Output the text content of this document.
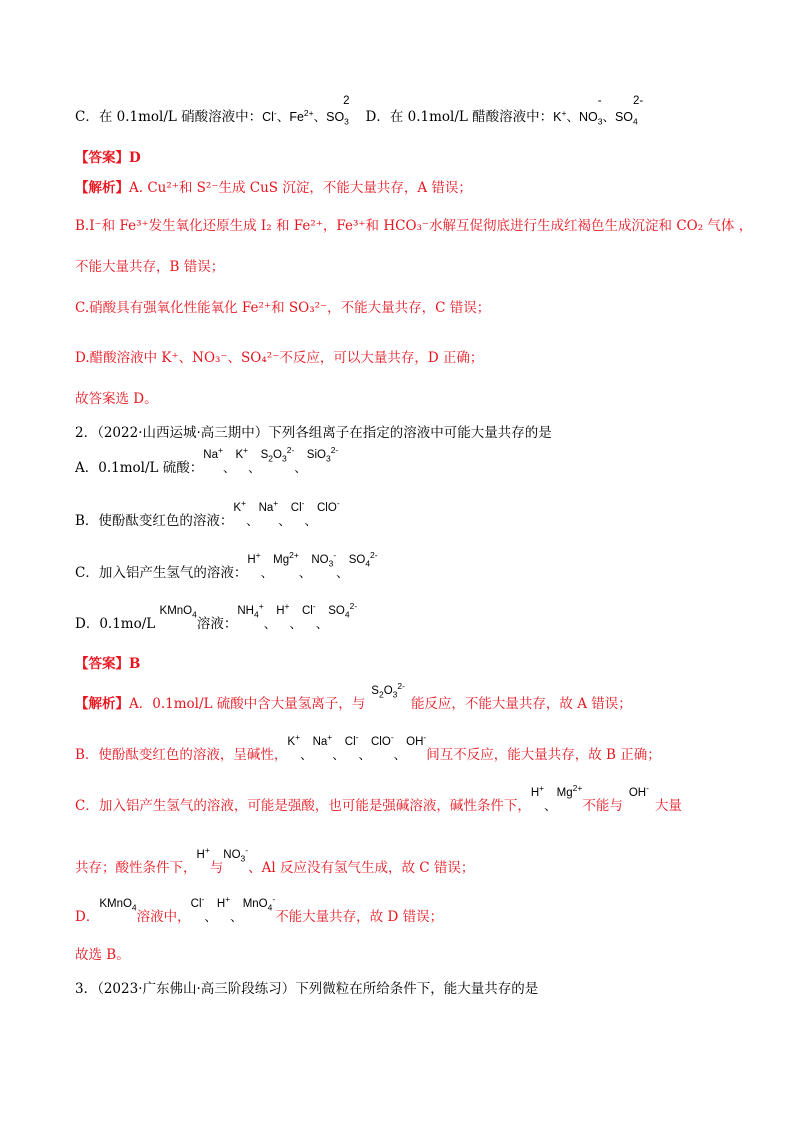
C．在 0.1mol/L 硝酸溶液中：Cl-、$Fe^{2+}$、$SO_3$
2
D．在 0.1mol/L 醋酸溶液中：K+、$NO_3$
-
、$SO_4$
2-
【答案】D
【解析】A. Cu²⁺和 S²⁻生成 CuS 沉淀，不能大量共存，A 错误；
B.I⁻和 Fe³⁺发生氧化还原生成 I₂ 和 Fe²⁺，Fe³⁺和 HCO₃⁻水解互促彻底进行生成红褐色生成沉淀和 CO₂ 气体 ，
不能大量共存，B 错误；
C.硝酸具有强氧化性能氧化 Fe²⁺和 SO₃²⁻，不能大量共存，C 错误；
D.醋酸溶液中 K⁺、NO₃⁻、SO₄²⁻不反应，可以大量共存，D 正确；
故答案选 D。
2．（2022·山西运城·高三期中）下列各组离子在指定的溶液中可能大量共存的是
A．0.1mol/L 硫酸：Na+、K+、$S_2O_3^{2-}$、SiO$_3^{2-}$
B．使酚酞变红色的溶液：K+、Na+、Cl-、ClO-
C．加入铝产生氢气的溶液：H+、$Mg^{2+}$、$NO_3^-$、$SO_4^{2-}$
D．0.1mo/L KMnO$_4$溶液：$NH_4^+$、H+、Cl-、$SO_4^{2-}$
【答案】B
【解析】A．0.1mol/L 硫酸中含大量氢离子，与$S_2O_3^{2-}$能反应，不能大量共存，故 A 错误；
B．使酚酞变红色的溶液，呈碱性，K+、Na+、Cl-、ClO-、OH-间互不反应，能大量共存，故 B 正确；
C．加入铝产生氢气的溶液，可能是强酸，也可能是强碱溶液，碱性条件下，H+、$Mg^{2+}$不能与OH-大量
共存；酸性条件下，H+与$NO_3^-$、Al 反应没有氢气生成，故 C 错误；
D．KMnO$_4$溶液中，Cl-、H+、MnO$_4$-不能大量共存，故 D 错误；
故选 B。
3．（2023·广东佛山·高三阶段练习）下列微粒在所给条件下，能大量共存的是
